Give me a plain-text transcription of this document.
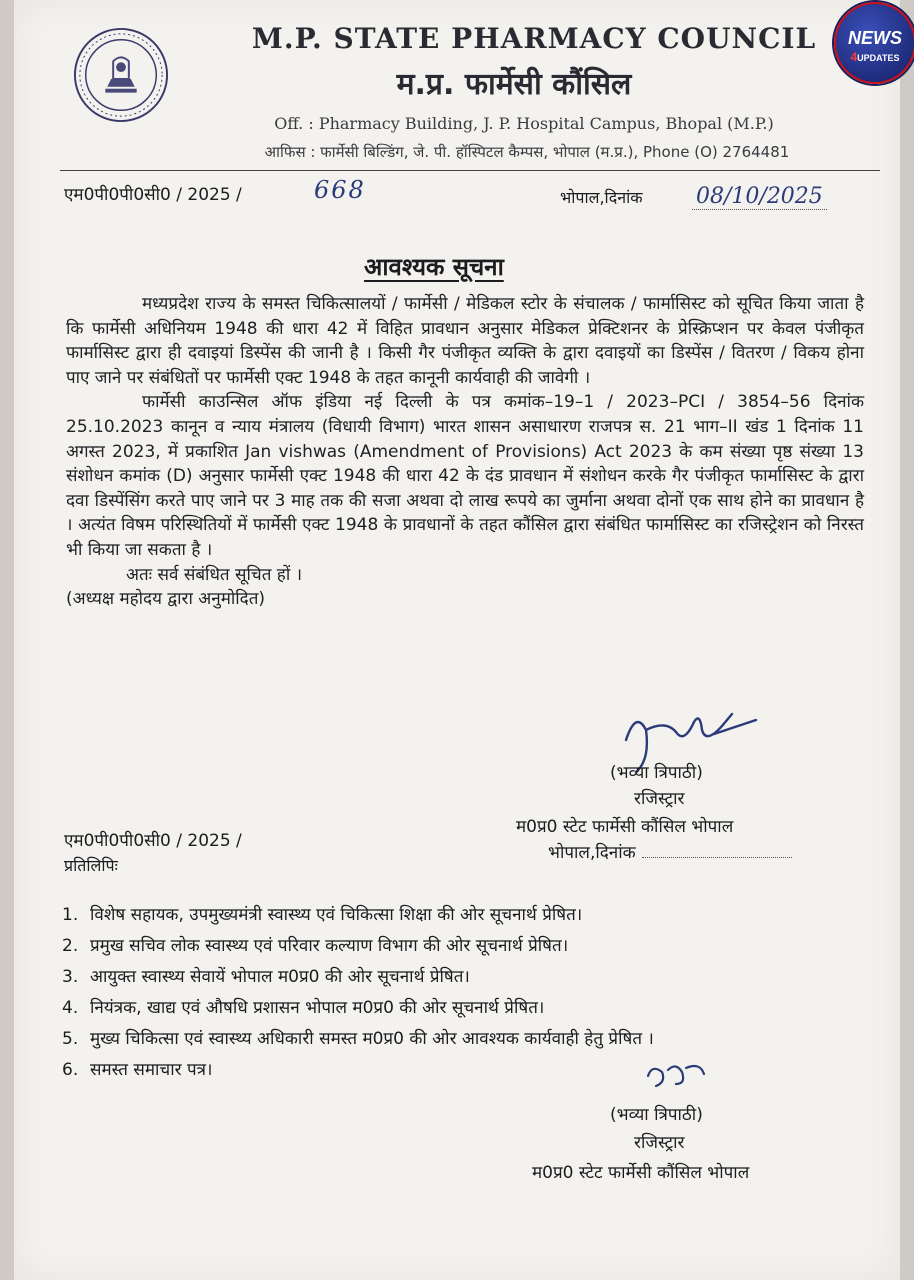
M.P. STATE PHARMACY COUNCIL
म.प्र. फार्मेसी कौंसिल
Off. : Pharmacy Building, J. P. Hospital Campus, Bhopal (M.P.)
आफिस : फार्मेसी बिल्डिंग, जे. पी. हॉस्पिटल कैम्पस, भोपाल (म.प्र.), Phone (O) 2764481
एम0पी0पी0सी0 / 2025 /	668	भोपाल,दिनांक 08/10/2025
आवश्यक सूचना

मध्यप्रदेश राज्य के समस्त चिकित्सालयों / फार्मेसी / मेडिकल स्टोर के संचालक / फार्मासिस्ट को सूचित किया जाता है कि फार्मेसी अधिनियम 1948 की धारा 42 में विहित प्रावधान अनुसार मेडिकल प्रेक्टिशनर के प्रेस्क्रिप्शन पर केवल पंजीकृत फार्मासिस्ट द्वारा ही दवाइयां डिस्पेंस की जानी है । किसी गैर पंजीकृत व्यक्ति के द्वारा दवाइयों का डिस्पेंस / वितरण / विकय होना पाए जाने पर संबंधितों पर फार्मेसी एक्ट 1948 के तहत कानूनी कार्यवाही की जावेगी ।

फार्मेसी काउन्सिल ऑफ इंडिया नई दिल्ली के पत्र कमांक–19–1 / 2023–PCI / 3854–56 दिनांक 25.10.2023 कानून व न्याय मंत्रालय (विधायी विभाग) भारत शासन असाधारण राजपत्र स. 21 भाग–II खंड 1 दिनांक 11 अगस्त 2023, में प्रकाशित Jan vishwas (Amendment of Provisions) Act 2023 के कम संख्या पृष्ठ संख्या 13 संशोधन कमांक (D) अनुसार फार्मेसी एक्ट 1948 की धारा 42 के दंड प्रावधान में संशोधन करके गैर पंजीकृत फार्मासिस्ट के द्वारा दवा डिस्पेंसिंग करते पाए जाने पर 3 माह तक की सजा अथवा दो लाख रूपये का जुर्माना अथवा दोनों एक साथ होने का प्रावधान है । अत्यंत विषम परिस्थितियों में फार्मेसी एक्ट 1948 के प्रावधानों के तहत कौंसिल द्वारा संबंधित फार्मासिस्ट का रजिस्ट्रेशन को निरस्त भी किया जा सकता है ।

अतः सर्व संबंधित सूचित हों ।

(अध्यक्ष महोदय द्वारा अनुमोदित)

(भव्या त्रिपाठी)
रजिस्ट्रार
म0प्र0 स्टेट फार्मेसी कौंसिल भोपाल
भोपाल,दिनांक
एम0पी0पी0सी0 / 2025 /
प्रतिलिपिः
1. विशेष सहायक, उपमुख्यमंत्री स्वास्थ्य एवं चिकित्सा शिक्षा की ओर सूचनार्थ प्रेषित।
2. प्रमुख सचिव लोक स्वास्थ्य एवं परिवार कल्याण विभाग की ओर सूचनार्थ प्रेषित।
3. आयुक्त स्वास्थ्य सेवायें भोपाल म0प्र0 की ओर सूचनार्थ प्रेषित।
4. नियंत्रक, खाद्य एवं औषधि प्रशासन भोपाल म0प्र0 की ओर सूचनार्थ प्रेषित।
5. मुख्य चिकित्सा एवं स्वास्थ्य अधिकारी समस्त म0प्र0 की ओर आवश्यक कार्यवाही हेतु प्रेषित ।
6. समस्त समाचार पत्र।
(भव्या त्रिपाठी)
रजिस्ट्रार
म0प्र0 स्टेट फार्मेसी कौंसिल भोपाल
NEWS
4UPDATES
